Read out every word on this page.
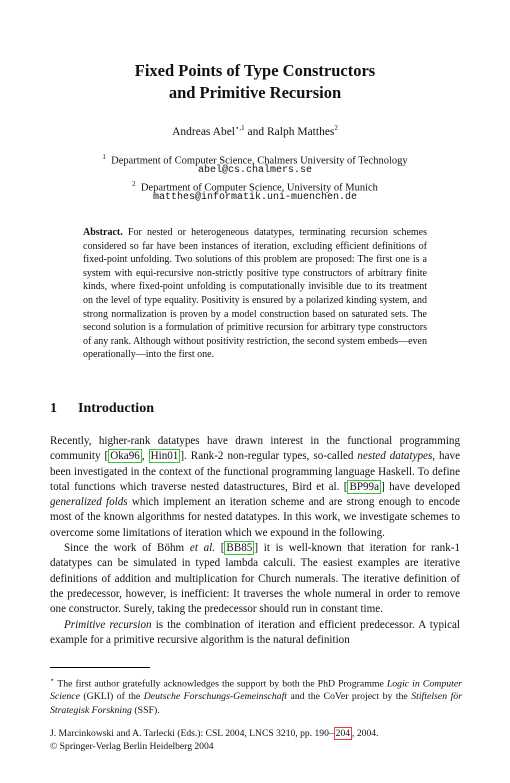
Fixed Points of Type Constructors
and Primitive Recursion
Andreas Abel$^{⋆,1}$ and Ralph Matthes$^2$
$^1$ Department of Computer Science, Chalmers University of Technology
abel@cs.chalmers.se
$^2$ Department of Computer Science, University of Munich
matthes@informatik.uni-muenchen.de
Abstract. For nested or heterogeneous datatypes, terminating recursion schemes considered so far have been instances of iteration, excluding efficient definitions of fixed-point unfolding. Two solutions of this problem are proposed: The first one is a system with equi-recursive non-strictly positive type constructors of arbitrary finite kinds, where fixed-point unfolding is computationally invisible due to its treatment on the level of type equality. Positivity is ensured by a polarized kinding system, and strong normalization is proven by a model construction based on saturated sets. The second solution is a formulation of primitive recursion for arbitrary type constructors of any rank. Although without positivity restriction, the second system embeds—even operationally—into the first one.
1 Introduction

Recently, higher-rank datatypes have drawn interest in the functional programming community [ Oka96 , Hin01 ]. Rank-2 non-regular types, so-called nested datatypes, have been investigated in the context of the functional programming language Haskell. To define total functions which traverse nested datastructures, Bird et al. [ BP99a ] have developed generalized folds which implement an iteration scheme and are strong enough to encode most of the known algorithms for nested datatypes. In this work, we investigate schemes to overcome some limitations of iteration which we expound in the following.

Since the work of Böhm et al. [ BB85 ] it is well-known that iteration for rank-1 datatypes can be simulated in typed lambda calculi. The easiest examples are iterative definitions of addition and multiplication for Church numerals. The iterative definition of the predecessor, however, is inefficient: It traverses the whole numeral in order to remove one constructor. Surely, taking the predecessor should run in constant time.

Primitive recursion is the combination of iteration and efficient predecessor. A typical example for a primitive recursive algorithm is the natural definition

⋆ The first author gratefully acknowledges the support by both the PhD Programme Logic in Computer Science (GKLI) of the Deutsche Forschungs-Gemeinschaft and the CoVer project by the Stiftelsen för Strategisk Forskning (SSF).

J. Marcinkowski and A. Tarlecki (Eds.): CSL 2004, LNCS 3210, pp. 190– 204 , 2004.

© Springer-Verlag Berlin Heidelberg 2004
